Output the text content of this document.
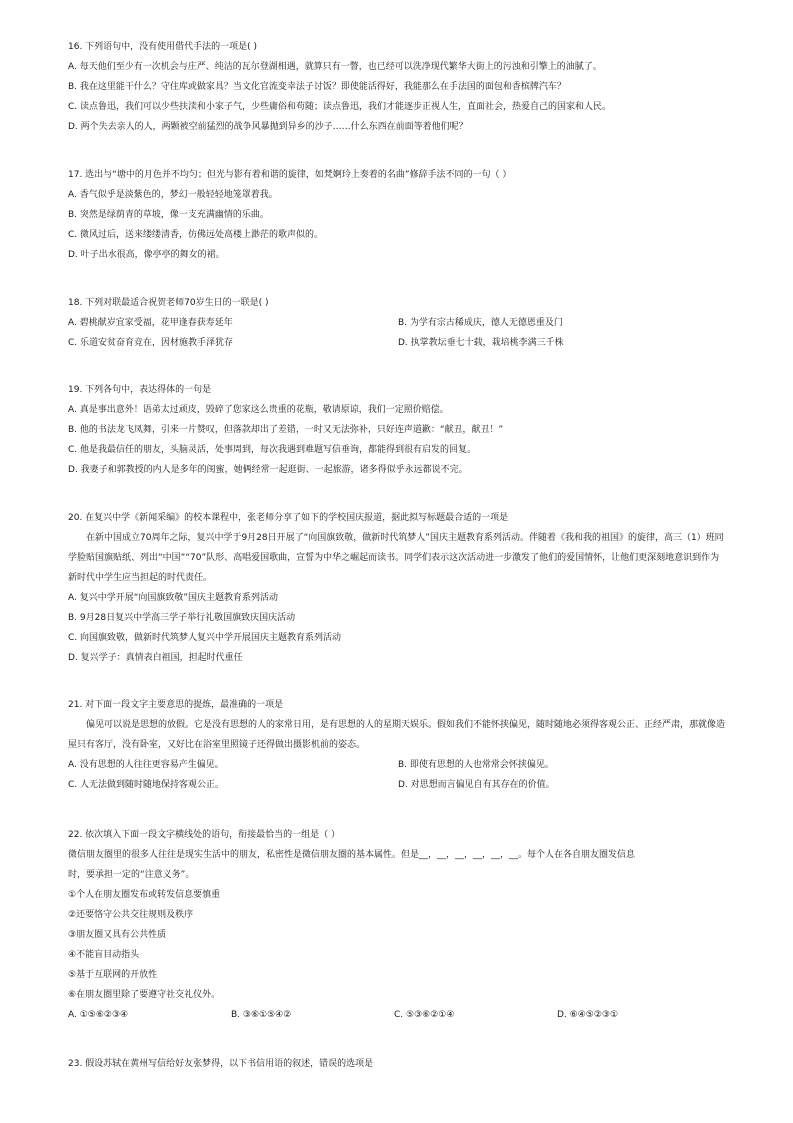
16. 下列语句中，没有使用借代手法的一项是( )
A. 每天他们至少有一次机会与庄严、纯洁的瓦尔登湖相遇，就算只有一瞥，也已经可以洗净现代繁华大街上的污浊和引擎上的油腻了。
B. 我在这里能干什么？守住库或做家具？当文化官流变幸法子讨饭？即使能活得好，我能那么在手法国的面包和香槟牌汽车？
C. 读点鲁迅，我们可以少些扶渎和小家子气，少些庸俗和苟随；读点鲁迅，我们才能逐步正视人生，直面社会，热爱自己的国家和人民。
D. 两个失去亲人的人，两颗被空前猛烈的战争风暴抛到异乡的沙子……什么东西在前面等着他们呢？
17. 选出与“塘中的月色并不均匀；但光与影有着和谐的旋律，如梵婀玲上奏着的名曲”修辞手法不同的一句（ ）
A. 香气似乎是淡紫色的，梦幻一般轻轻地笼罩着我。
B. 突然是绿荫青的草坡，像一支充满幽情的乐曲。
C. 微风过后，送来缕缕清香，仿佛远处高楼上渺茫的歌声似的。
D. 叶子出水很高，像亭亭的舞女的裙。
18. 下列对联最适合祝贺老师70岁生日的一联是( )
A. 碧桃献岁宜家受福，花甲逢春获寿延年	B. 为学有宗古稀成庆，德人无德恩重及门
C. 乐道安贫奋育竞在，因材施教手泽犹存	D. 执掌教坛垂七十载，栽培桃李满三千株
19. 下列各句中，表达得体的一句是
A. 真是事出意外！语弟太过顽皮，毁碎了您家这么贵重的花瓶，敬请原谅，我们一定照价赔偿。
B. 他的书法龙飞凤舞，引来一片赞叹，但落款却出了差错，一时又无法弥补，只好连声道歉：“献丑，献丑！”
C. 他是我最信任的朋友，头脑灵活，处事周到，每次我遇到难题写信垂询，都能得到很有启发的回复。
D. 我妻子和郭教授的内人是多年的闺蜜，她俩经常一起逛街、一起旅游，诸多得似乎永远都说不完。
20. 在复兴中学《新闻采编》的校本课程中，张老师分享了如下的学校国庆报道，据此拟写标题最合适的一项是
在新中国成立70周年之际，复兴中学于9月28日开展了“向国旗致敬，做新时代筑梦人”国庆主题教育系列活动。伴随着《我和我的祖国》的旋律，高三（1）班同学脸贴国旗贴纸、列出“中国”“70”队形、高唱爱国歌曲，宣誓为中华之崛起而读书。同学们表示这次活动进一步激发了他们的爱国情怀，让他们更深刻地意识到作为新时代中学生应当担起的时代责任。
A. 复兴中学开展“向国旗致敬”国庆主题教育系列活动
B. 9月28日复兴中学高三学子举行礼敬国旗致庆国庆活动
C. 向国旗致敬，做新时代筑梦人复兴中学开展国庆主题教育系列活动
D. 复兴学子：真情表白祖国，担起时代重任
21. 对下面一段文字主要意思的提炼，最准确的一项是
偏见可以说是思想的放假。它是没有思想的人的家常日用，是有思想的人的星期天娱乐。假如我们不能怀挟偏见，随时随地必须得客观公正、正经严肃，那就像造屋只有客厅，没有卧室，又好比在浴室里照镜子还得做出摄影机前的姿态。
A. 没有思想的人往往更容易产生偏见。	B. 即使有思想的人也常常会怀挟偏见。
C. 人无法做到随时随地保持客观公正。	D. 对思想而言偏见自有其存在的价值。
22. 依次填入下面一段文字横线处的语句，衔接最恰当的一组是（ ）
微信朋友圈里的很多人往往是现实生活中的朋友，私密性是微信朋友圈的基本属性。但是__，__，__，__，__，__。每个人在各自朋友圈发信息
时，要承担一定的“注意义务”。
①个人在朋友圈发布或转发信息要慎重
②还要恪守公共交往规则及秩序
③朋友圈又具有公共性质
④不能盲目动指头
⑤基于互联网的开放性
⑥在朋友圈里除了要遵守社交礼仪外。
A. ①⑤⑥②③④	B. ③⑥①⑤④②	C. ⑤③⑥②①④	D. ⑥④⑤②③①
23. 假设苏轼在黄州写信给好友张梦得，以下书信用语的叙述，错误的选项是
